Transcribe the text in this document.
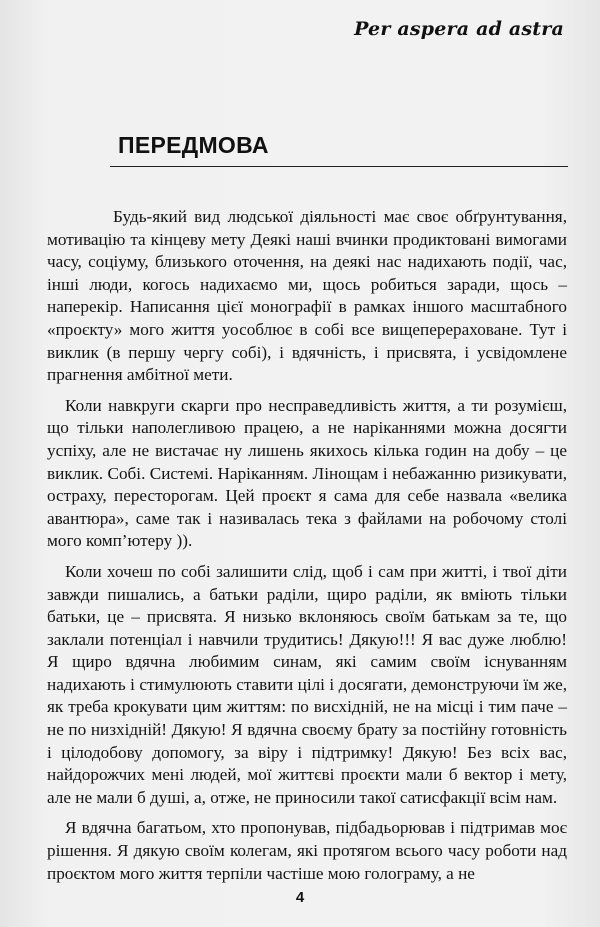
Per aspera ad astra
ПЕРЕДМОВА

Будь-який вид людської діяльності має своє обґрунтування, мотивацію та кінцеву мету Деякі наші вчинки продиктовані вимогами часу, соціуму, близького оточення, на деякі нас надихають події, час, інші люди, когось надихаємо ми, щось робиться заради, щось – наперекір. Написання цієї монографії в рамках іншого масштабного «проєкту» мого життя уособлює в собі все вищеперераховане. Тут і виклик (в першу чергу собі), і вдячність, і присвята, і усвідомлене прагнення амбітної мети.

Коли навкруги скарги про несправедливість життя, а ти розумієш, що тільки наполегливою працею, а не наріканнями можна досягти успіху, але не вистачає ну лишень якихось кілька годин на добу – це виклик. Собі. Системі. Наріканням. Лінощам і небажанню ризикувати, остраху, пересторогам. Цей проєкт я сама для себе назвала «велика авантюра», саме так і називалась тека з файлами на робочому столі мого комп’ютеру )).

Коли хочеш по собі залишити слід, щоб і сам при житті, і твої діти завжди пишались, а батьки раділи, щиро раділи, як вміють тільки батьки, це – присвята. Я низько вклоняюсь своїм батькам за те, що заклали потенціал і навчили трудитись! Дякую!!! Я вас дуже люблю! Я щиро вдячна любимим синам, які самим своїм існуванням надихають і стимулюють ставити цілі і досягати, демонструючи їм же, як треба крокувати цим життям: по висхідній, не на місці і тим паче – не по низхідній! Дякую! Я вдячна своєму брату за постійну готовність і цілодобову допомогу, за віру і підтримку! Дякую! Без всіх вас, найдорожчих мені людей, мої життєві проєкти мали б вектор і мету, але не мали б душі, а, отже, не приносили такої сатисфакції всім нам.

Я вдячна багатьом, хто пропонував, підбадьорював і підтримав моє рішення. Я дякую своїм колегам, які протягом всього часу роботи над проєктом мого життя терпіли частіше мою голограму, а не

4
